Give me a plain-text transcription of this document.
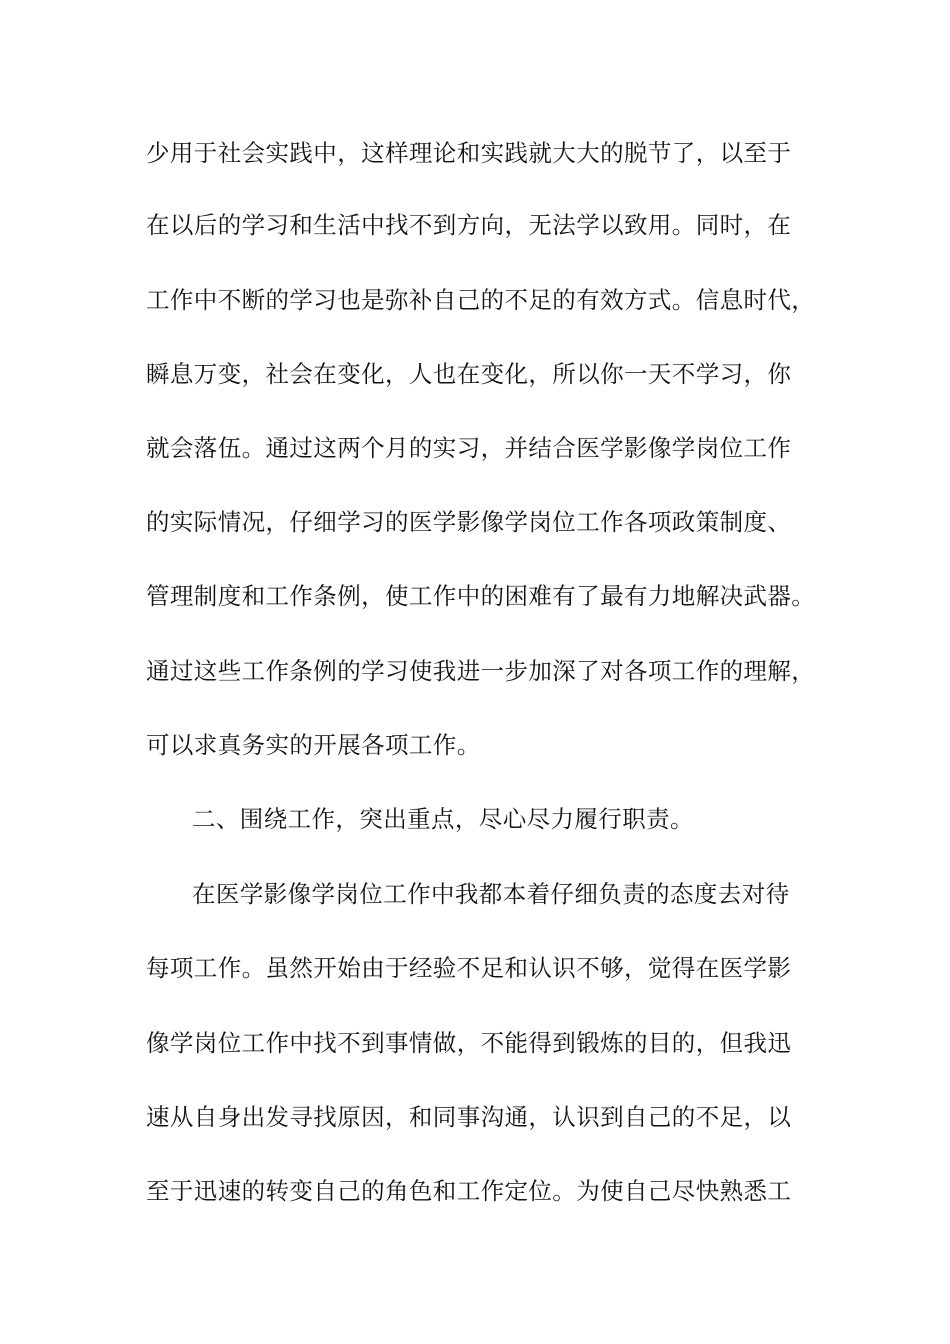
少用于社会实践中，这样理论和实践就大大的脱节了，以至于
在以后的学习和生活中找不到方向，无法学以致用。同时，在
工作中不断的学习也是弥补自己的不足的有效方式。信息时代，
瞬息万变，社会在变化，人也在变化，所以你一天不学习，你
就会落伍。通过这两个月的实习，并结合医学影像学岗位工作
的实际情况，仔细学习的医学影像学岗位工作各项政策制度、
管理制度和工作条例，使工作中的困难有了最有力地解决武器。
通过这些工作条例的学习使我进一步加深了对各项工作的理解，
可以求真务实的开展各项工作。
二、围绕工作，突出重点，尽心尽力履行职责。
在医学影像学岗位工作中我都本着仔细负责的态度去对待
每项工作。虽然开始由于经验不足和认识不够，觉得在医学影
像学岗位工作中找不到事情做，不能得到锻炼的目的，但我迅
速从自身出发寻找原因，和同事沟通，认识到自己的不足，以
至于迅速的转变自己的角色和工作定位。为使自己尽快熟悉工
